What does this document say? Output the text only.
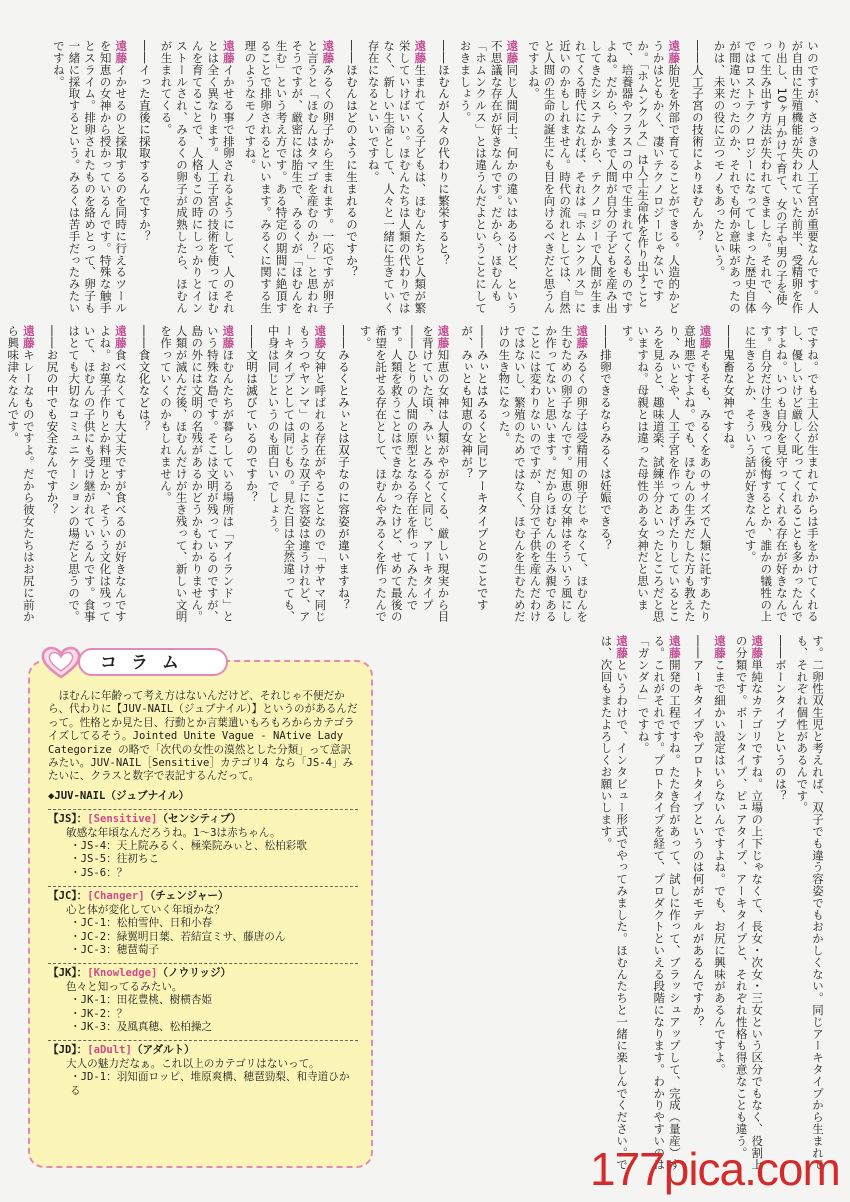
いのですが、さっきの人工子宮が重要なんです。人が自由に生殖機能が失われていた前半、受精卵を作り出し、10ヶ月かけて育て、女の子や男の子を使って生み出す方法が失われてきました。それで、今ではロストテクノロジーになってしまった歴史自体が間違いだったのか、それでも何か意味があったのかは、未来の役に立つモノもあったという。

――人工子宮の技術によりほむんか？

遠藤胎児を外部で育てることができる。人造的かどうかはともかく、凄いテクノロジーじゃないですか。「ホムンクルス」は人工生命体を作り出すことで、培養器やフラスコの中で生まれてくるものですよね。だから、今まで人間が自分の子どもを産み出してきたシステムから、テクノロジーで人間が生まれてくる時代になれば、それは『ホムンクルス』に近いのかもしれません。時代の流れとしては、自然と人間の生命の誕生にも目を向けるべきだと思うんですよね。

遠藤同じ人間同士、何かの違いはあるけど、という不思議な存在が好きなんです。だから、ほむんも「ホムンクルス」とは違うんだよということにしておきましょう。

――ほむんが人々の代わりに繁栄すると？

遠藤生まれてくる子どもは、ほむんたちと人類が繁栄していけばいい。ほむんたちは人類の代わりではなく、新しい生命として、人々と一緒に生きていく存在になるといいですね。

――ほむんはどのように生まれるのですか？

遠藤みるくの卵子から生まれます。一応ですが卵子と言うと「ほむんはタマゴを産むのか？」と思われそうですが、厳密には胎生で、みるくが「ほむんを生む」という考え方です。ある特定の期間に絶頂することで排卵されるといいます。みるくに関する生理のようなモノですね。

遠藤イかせる事で排卵されるようにして、人のそれとは全く異なります。人工子宮の技術を使ってほむんを育てることで、人格もこの時にしっかりとインストールされ、みるくの卵子が成熟したら、ほむんが生まれてくる。

――イった直後に採取するんですか？

遠藤イかせるのと採取するのを同時に行えるツールを知恵の女神から授かっているんです。特殊な触手とスライム。排卵されたものを絡めとって、卵子も一緒に採取するという。みるくは苦手だったみたいですね。

ですね。でも主人公が生まれてからは手をかけてくれるし、優しいけど厳しく叱ってくれることも多かったんですよね。いつも自分を見守ってくれる存在が好きなんです。自分だけ生き残って後悔するとか、誰かの犠牲の上に生きるとか、そういう話が好きなんです。

――鬼畜な女神ですね。

遠藤そもそも、みるくをあのサイズで人類に託すあたり意地悪ですよね。でも、ほむんの生みだした方も教えたり、みぃとや、人工子宮を作ってあげたりしているところを見ると、趣味道楽、試練半分といったところだと思いますね。母親とは違った母性のある女神だと思います。

――排卵できるならみるくは妊娠できる？

遠藤みるくの卵子は受精用の卵子じゃなくて、ほむんを生むための卵子なんです。知恵の女神はそういう風にしか作ってないと思います。だからほむんの生み親であることには変わりないのですが、自分で子供を産んだわけではないし、繁殖のためではなく、ほむんを生むためだけの生き物になった。

――みぃとはみるくと同じアーキタイプとのことですが、みぃとも知恵の女神が？

遠藤知恵の女神は人類がやがてくる、厳しい現実から目を背けていた頃、みぃとみるくと同じ、アーキタイプ――ひとりの人間の原型となる存在を作ってみたんです。人類を救うことはできなかったけど、せめて最後の希望を託せる存在として、ほむんやみるくを作ったんです。

――みるくとみぃとは双子なのに容姿が違いますね？

遠藤女神と呼ばれる存在がやることなので「サヤマ同じもうつやヤンマ」のような双子に容姿は違うけれど、アーキタイプとしては同じもの。見た目は全然違っても、中身は同じというのも面白いでしょう。

――文明は滅びているのですか？

遠藤ほむんたちが暮らしている場所は「アイランド」という特殊な島です。そこは文明が残っているのですが、島の外には文明の名残があるかどうかもわかりません。人類が滅んだ後、ほむんだけが生き残って、新しい文明を作っていくのかもしれません。

――食文化などは？

遠藤食べなくても大丈夫ですが食べるのが好きなんですよね。お菓子作りとか料理とか、そういう文化は残っていて、ほむんの子供にも受け継がれているんです。食事はとても大切なコミュニケーションの場だと思うので。

――お尻の中でも安全なんですか？

遠藤キレーなものですよ。だから彼女たちはお尻に前から興味津々なんです。

す。二卵性双生児と考えれば、双子でも違う容姿でもおかしくない。同じアーキタイプから生まれても、それぞれ個性があるんです。

――ボーンタイプというのは？

遠藤単純なカテゴリですね。立場の上下じゃなくて、長女・次女・三女という区分でもなく、役割上の分類です。ボーンタイプ、ピュアタイプ、アーキタイプと、それぞれ性格も得意なことも違う。

遠藤こまで細かい設定はいらないんですよね。でも、お尻に興味があるんですよ。

――アーキタイプやプロトタイプというのは何がモデルがあるんですか？

遠藤開発の工程ですね。たたき台があって、試しに作って、ブラッシュアップして、完成（量産）する。これがそれです。プロトタイプを経て、プロダクトといえる段階になります。わかりやすいのは「ガンダム」ですね。

遠藤というわけで、インタビュー形式でやってみました。ほむんたちと一緒に楽しんでください。では、次回もまたよろしくお願いします。

コラム
ほむんに年齢って考え方はないんだけど、それじゃ不便だから、代わりに【JUV-NAIL（ジュブナイル）】というのがあるんだって。性格とか見た目、行動とか言葉遣いもろもろからカテゴライズしてるそう。Jointed Unite Vague - NAtive Lady Categorize の略で「次代の女性の漠然とした分類」って意訳みたい。JUV-NAIL［Sensitive］カテゴリ4 なら「JS-4」みたいに、クラスと数字で表記するんだって。
◆JUV-NAIL（ジュブナイル）
【JS】：[Sensitive]（センシティブ）
敏感な年頃なんだろうね。1〜3は赤ちゃん。
・JS-4：天上院みるく、極楽院みぃと、松柏彩歌
・JS-5：往初ちこ
・JS-6：？
【JC】：[Changer]（チェンジャー）
心と体が変化していく年頃かな？
・JC-1：松柏雪仲、日和小春
・JC-2：緑翼明日葉、若結宣ミサ、藤唐のん
・JC-3：穂琶萄子
【JK】：[Knowledge]（ノウリッジ）
色々と知ってるみたい。
・JK-1：田花豊桃、樹横杏姫
・JK-2：？
・JK-3：及風真穂、松柏操之
【JD】：[aDult]（アダルト）
大人の魅力だなぁ。これ以上のカテゴリはないって。
・JD-1：羽知面ロッピ、堆原爽構、穂琶勁梨、和寺道ひかる
177pica.com
